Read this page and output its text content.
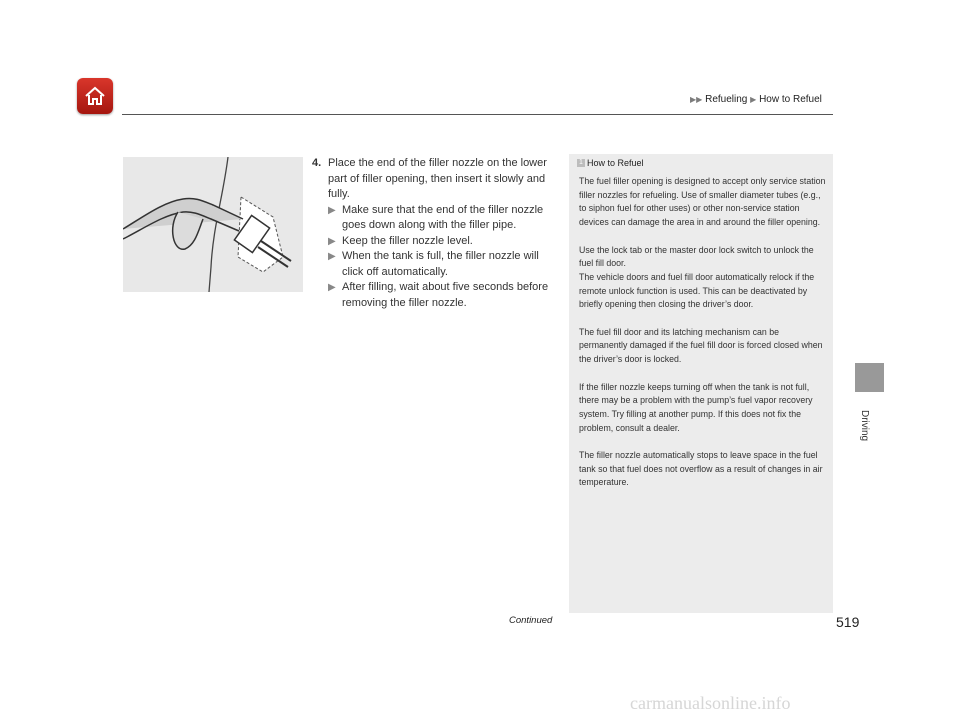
▶▶ Refueling ▶ How to Refuel
4. Place the end of the filler nozzle on the lower part of filler opening, then insert it slowly and fully.
▶ Make sure that the end of the filler nozzle goes down along with the filler pipe.
▶ Keep the filler nozzle level.
▶ When the tank is full, the filler nozzle will click off automatically.
▶ After filling, wait about five seconds before removing the filler nozzle.
1 How to Refuel

The fuel filler opening is designed to accept only service station filler nozzles for refueling. Use of smaller diameter tubes (e.g., to siphon fuel for other uses) or other non-service station devices can damage the area in and around the filler opening.

Use the lock tab or the master door lock switch to unlock the fuel fill door.
The vehicle doors and fuel fill door automatically relock if the remote unlock function is used. This can be deactivated by briefly opening then closing the driver’s door.

The fuel fill door and its latching mechanism can be permanently damaged if the fuel fill door is forced closed when the driver’s door is locked.

If the filler nozzle keeps turning off when the tank is not full, there may be a problem with the pump’s fuel vapor recovery system. Try filling at another pump. If this does not fix the problem, consult a dealer.

The filler nozzle automatically stops to leave space in the fuel tank so that fuel does not overflow as a result of changes in air temperature.

Driving
Continued	519
carmanualsonline.info
